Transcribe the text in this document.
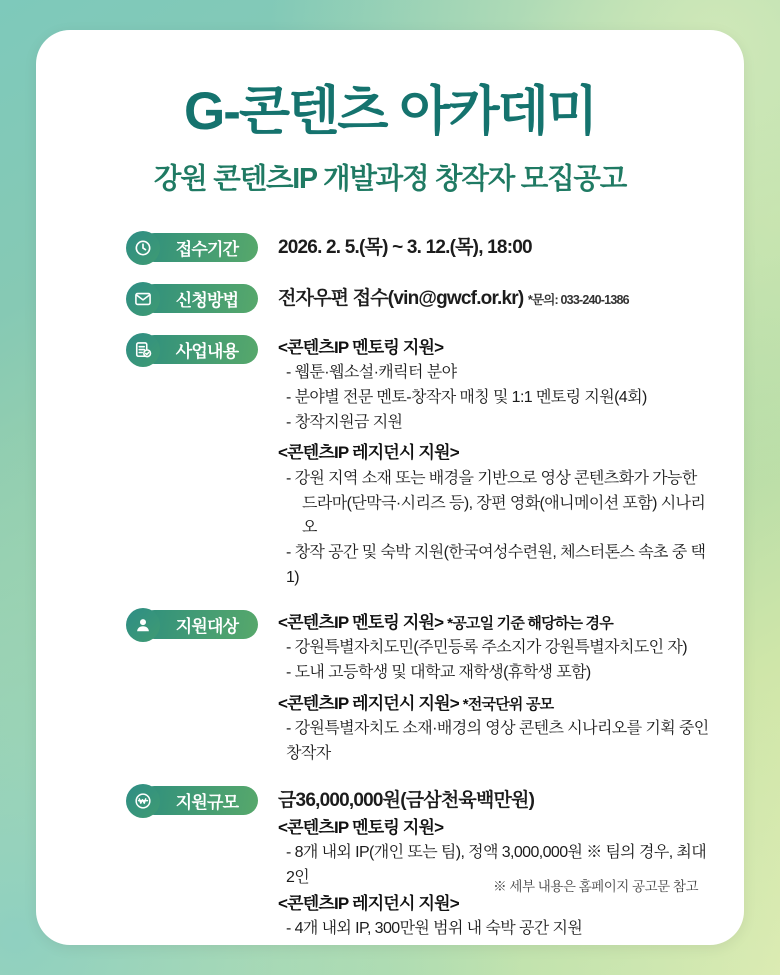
G-콘텐츠 아카데미
강원 콘텐츠IP 개발과정 창작자 모집공고
접수기간	2026. 2. 5.(목) ~ 3. 12.(목), 18:00
신청방법	전자우편 접수(vin@gwcf.or.kr) *문의: 033-240-1386
사업내용	<콘텐츠IP 멘토링 지원>
- 웹툰·웹소설·캐릭터 분야
- 분야별 전문 멘토-창작자 매칭 및 1:1 멘토링 지원(4회)
- 창작지원금 지원
<콘텐츠IP 레지던시 지원>
- 강원 지역 소재 또는 배경을 기반으로 영상 콘텐츠화가 가능한
드라마(단막극·시리즈 등), 장편 영화(애니메이션 포함) 시나리오
- 창작 공간 및 숙박 지원(한국여성수련원, 체스터톤스 속초 중 택1)
지원대상	<콘텐츠IP 멘토링 지원> *공고일 기준 해당하는 경우
- 강원특별자치도민(주민등록 주소지가 강원특별자치도인 자)
- 도내 고등학생 및 대학교 재학생(휴학생 포함)
<콘텐츠IP 레지던시 지원> *전국단위 공모
- 강원특별자치도 소재·배경의 영상 콘텐츠 시나리오를 기획 중인 창작자
지원규모	금36,000,000원(금삼천육백만원)
<콘텐츠IP 멘토링 지원>
- 8개 내외 IP(개인 또는 팀), 정액 3,000,000원 ※ 팀의 경우, 최대 2인
<콘텐츠IP 레지던시 지원>
- 4개 내외 IP, 300만원 범위 내 숙박 공간 지원
※ 세부 내용은 홈페이지 공고문 참고
